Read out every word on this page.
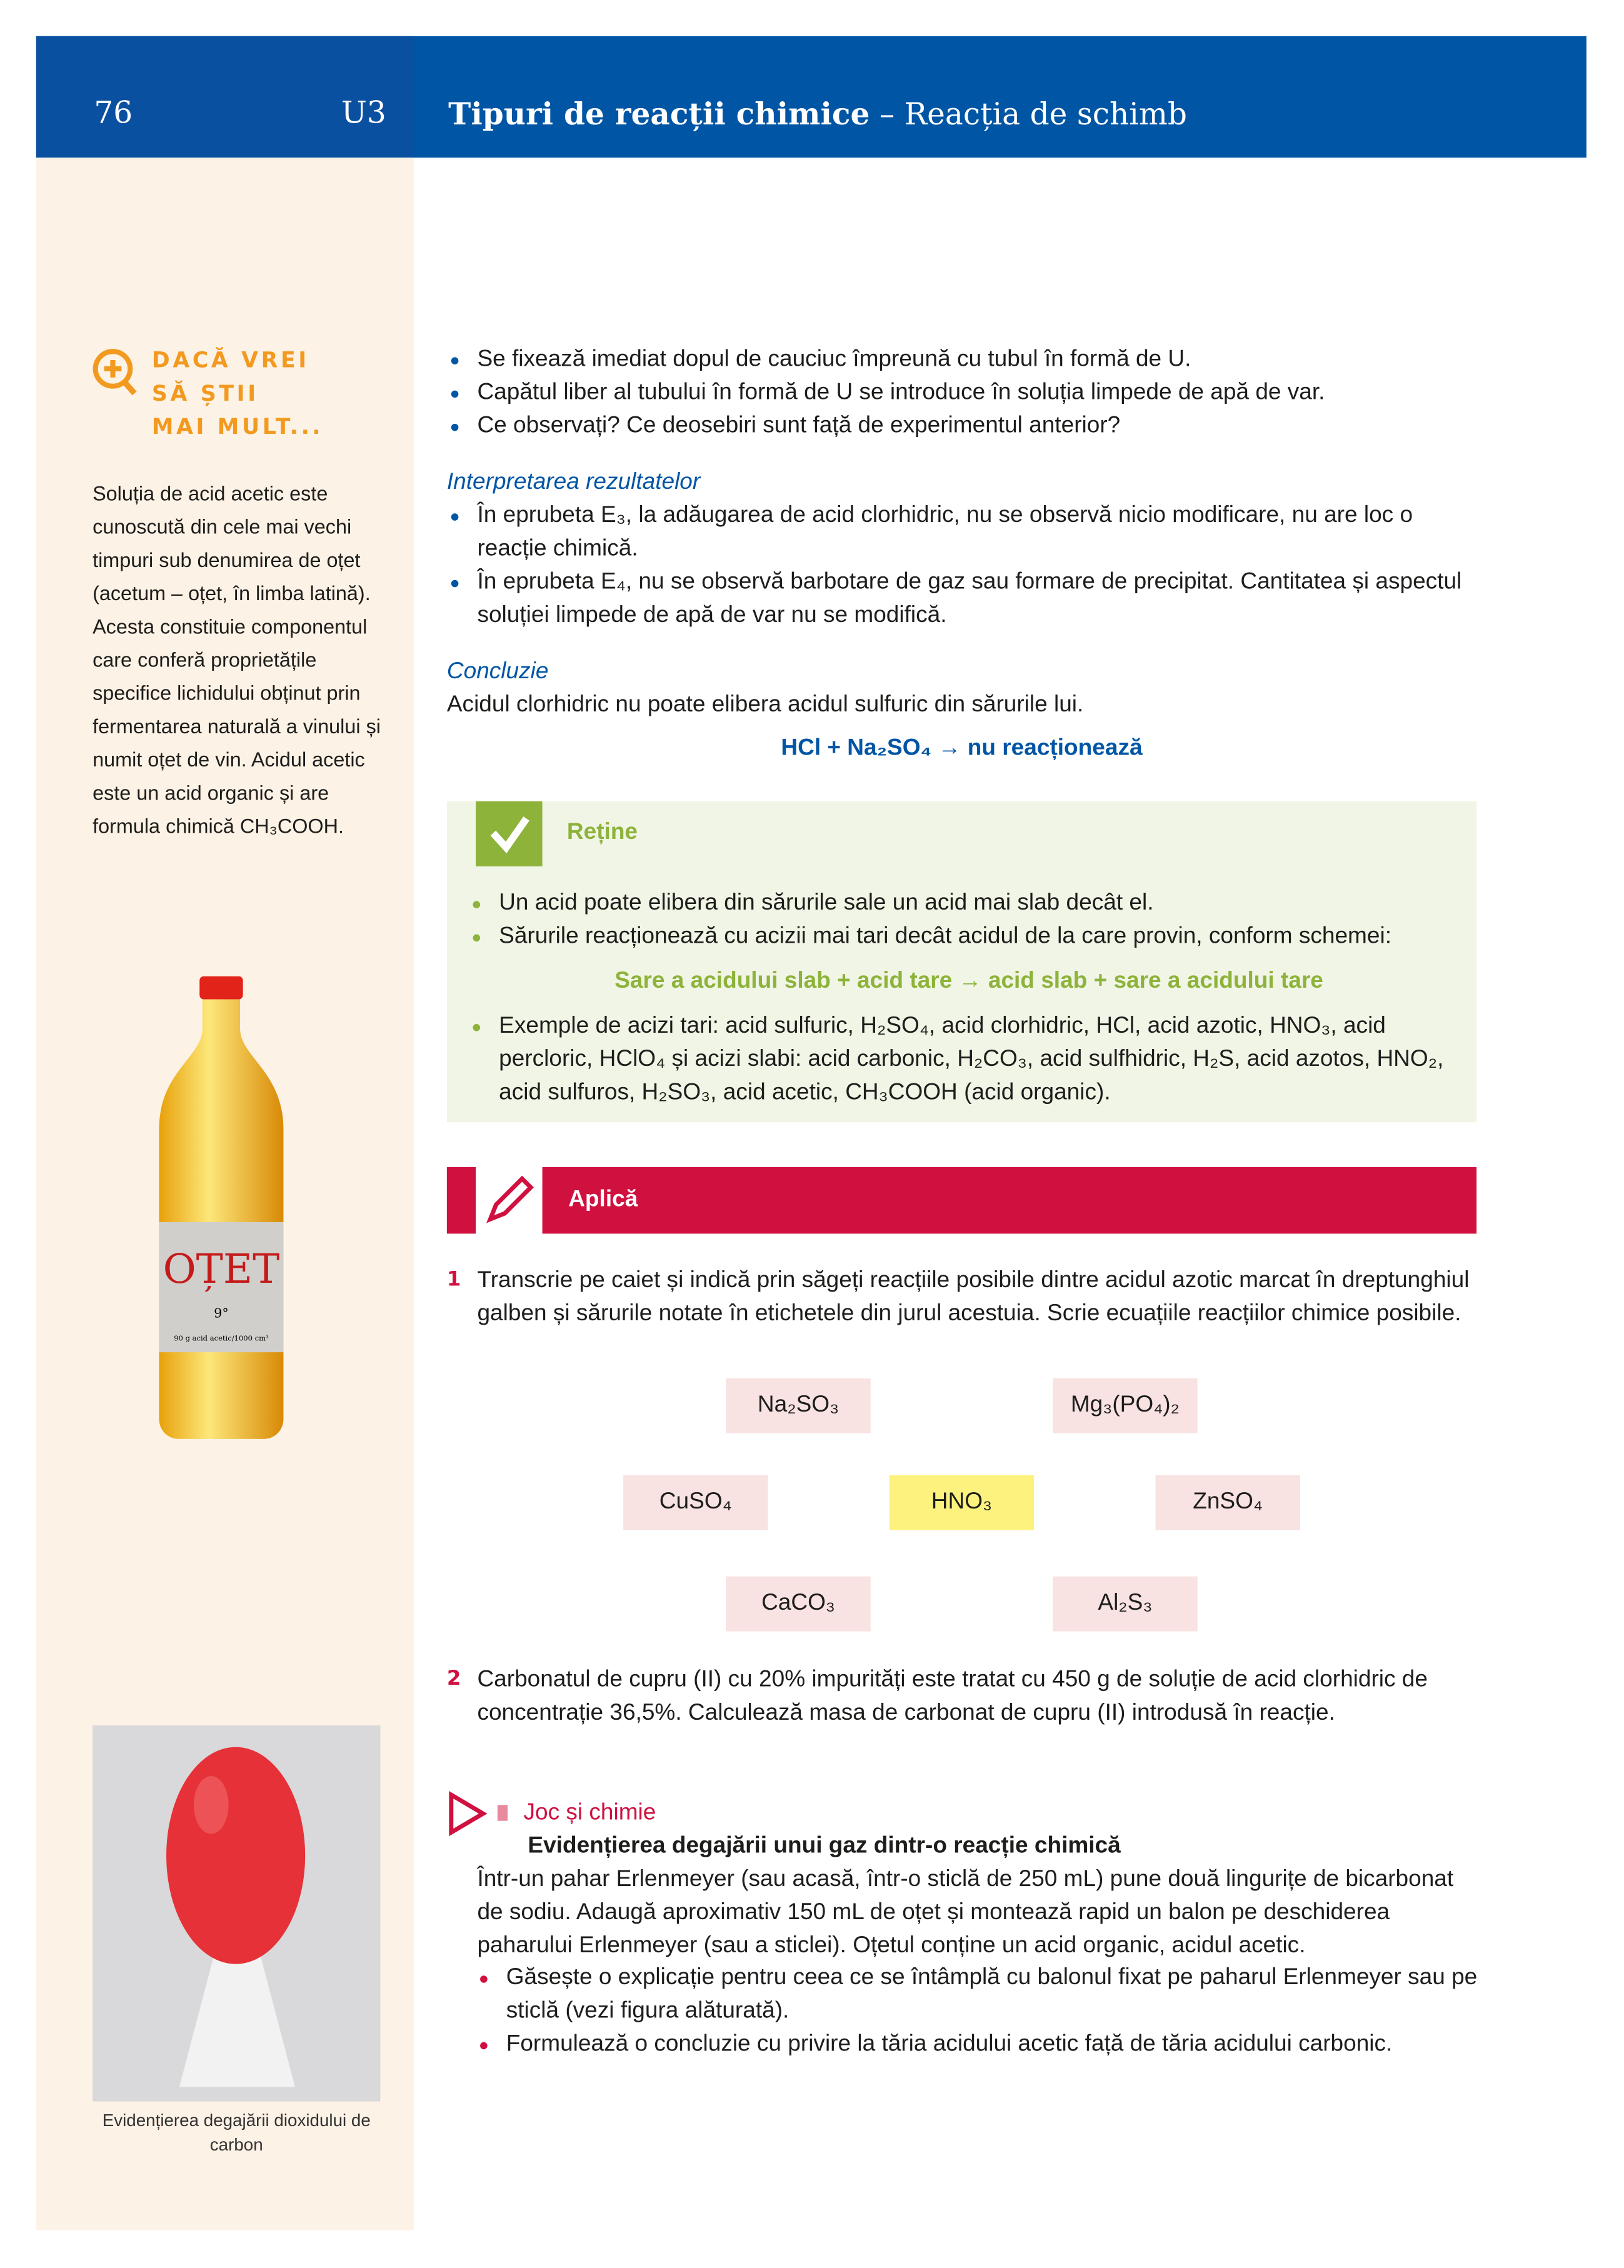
76	U3	Tipuri de reacții chimice – Reacția de schimb
DACĂ VREI
SĂ ȘTII
MAI MULT...
Soluția de acid acetic este cunoscută din cele mai vechi timpuri sub denumirea de oțet (acetum – oțet, în limba latină). Acesta constituie componentul care conferă proprietățile specifice lichidului obținut prin fermentarea naturală a vinului și numit oțet de vin. Acidul acetic este un acid organic și are formula chimică CH₃COOH.
OȚET
9°
90 g acid acetic/1000 cm³
Evidențierea degajării dioxidului de carbon
Se fixează imediat dopul de cauciuc împreună cu tubul în formă de U.
Capătul liber al tubului în formă de U se introduce în soluția limpede de apă de var.
Ce observați? Ce deosebiri sunt față de experimentul anterior?
Interpretarea rezultatelor
În eprubeta E₃, la adăugarea de acid clorhidric, nu se observă nicio modificare, nu are loc o reacție chimică.
În eprubeta E₄, nu se observă barbotare de gaz sau formare de precipitat. Cantitatea și aspectul soluției limpede de apă de var nu se modifică.
Concluzie
Acidul clorhidric nu poate elibera acidul sulfuric din sărurile lui.
HCl + Na₂SO₄ → nu reacționează
Reține
Un acid poate elibera din sărurile sale un acid mai slab decât el.
Sărurile reacționează cu acizii mai tari decât acidul de la care provin, conform schemei:
Sare a acidului slab + acid tare → acid slab + sare a acidului tare
Exemple de acizi tari: acid sulfuric, H₂SO₄, acid clorhidric, HCl, acid azotic, HNO₃, acid percloric, HClO₄ și acizi slabi: acid carbonic, H₂CO₃, acid sulfhidric, H₂S, acid azotos, HNO₂, acid sulfuros, H₂SO₃, acid acetic, CH₃COOH (acid organic).
Aplică
1 Transcrie pe caiet și indică prin săgeți reacțiile posibile dintre acidul azotic marcat în dreptunghiul galben și sărurile notate în etichetele din jurul acestuia. Scrie ecuațiile reacțiilor chimice posibile.
Na₂SO₃	Mg₃(PO₄)₂
CuSO₄	HNO₃	ZnSO₄
CaCO₃	Al₂S₃
2 Carbonatul de cupru (II) cu 20% impurități este tratat cu 450 g de soluție de acid clorhidric de concentrație 36,5%. Calculează masa de carbonat de cupru (II) introdusă în reacție.
Joc și chimie
Evidențierea degajării unui gaz dintr-o reacție chimică
Într-un pahar Erlenmeyer (sau acasă, într-o sticlă de 250 mL) pune două lingurițe de bicarbonat de sodiu. Adaugă aproximativ 150 mL de oțet și montează rapid un balon pe deschiderea paharului Erlenmeyer (sau a sticlei). Oțetul conține un acid organic, acidul acetic.
Găsește o explicație pentru ceea ce se întâmplă cu balonul fixat pe paharul Erlenmeyer sau pe sticlă (vezi figura alăturată).
Formulează o concluzie cu privire la tăria acidului acetic față de tăria acidului carbonic.
